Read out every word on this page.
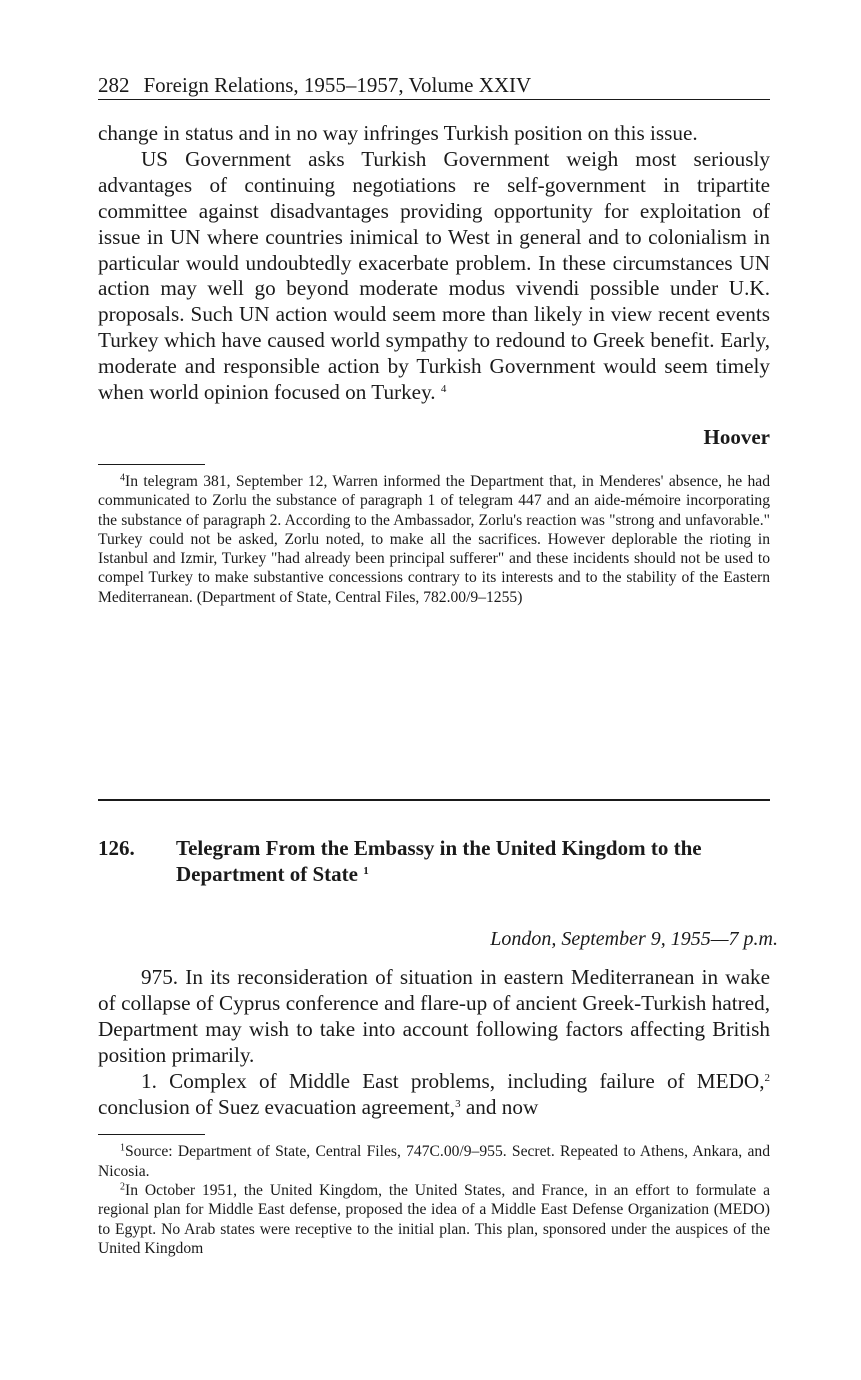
282 Foreign Relations, 1955–1957, Volume XXIV

change in status and in no way infringes Turkish position on this issue.

US Government asks Turkish Government weigh most seriously advantages of continuing negotiations re self-government in tripartite committee against disadvantages providing opportunity for exploitation of issue in UN where countries inimical to West in general and to colonialism in particular would undoubtedly exacerbate problem. In these circumstances UN action may well go beyond moderate modus vivendi possible under U.K. proposals. Such UN action would seem more than likely in view recent events Turkey which have caused world sympathy to redound to Greek benefit. Early, moderate and responsible action by Turkish Government would seem timely when world opinion focused on Turkey. $^4$

Hoover

$^4$In telegram 381, September 12, Warren informed the Department that, in Menderes' absence, he had communicated to Zorlu the substance of paragraph 1 of telegram 447 and an aide-mémoire incorporating the substance of paragraph 2. According to the Ambassador, Zorlu's reaction was "strong and unfavorable." Turkey could not be asked, Zorlu noted, to make all the sacrifices. However deplorable the rioting in Istanbul and Izmir, Turkey "had already been principal sufferer" and these incidents should not be used to compel Turkey to make substantive concessions contrary to its interests and to the stability of the Eastern Mediterranean. (Department of State, Central Files, 782.00/9–1255)

126. Telegram From the Embassy in the United Kingdom to the Department of State $^1$
London, September 9, 1955—7 p.m.

975. In its reconsideration of situation in eastern Mediterranean in wake of collapse of Cyprus conference and flare-up of ancient Greek-Turkish hatred, Department may wish to take into account following factors affecting British position primarily.

1. Complex of Middle East problems, including failure of MEDO,$^2$ conclusion of Suez evacuation agreement,$^3$ and now

$^1$Source: Department of State, Central Files, 747C.00/9–955. Secret. Repeated to Athens, Ankara, and Nicosia.

$^2$In October 1951, the United Kingdom, the United States, and France, in an effort to formulate a regional plan for Middle East defense, proposed the idea of a Middle East Defense Organization (MEDO) to Egypt. No Arab states were receptive to the initial plan. This plan, sponsored under the auspices of the United Kingdom
